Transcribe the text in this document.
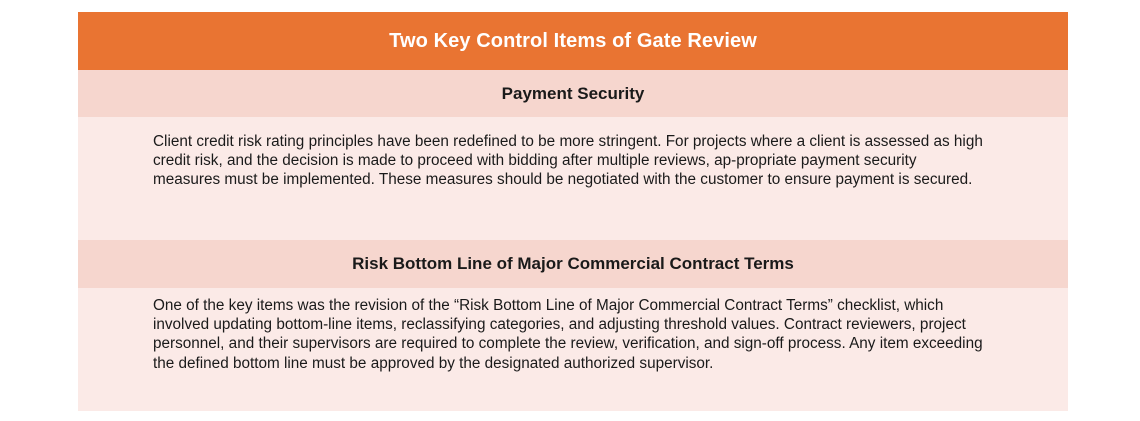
Two Key Control Items of Gate Review
Payment Security

Client credit risk rating principles have been redefined to be more stringent. For projects where a client is assessed as high credit risk, and the decision is made to proceed with bidding after multiple reviews, ap-propriate payment security measures must be implemented. These measures should be negotiated with the customer to ensure payment is secured.

Risk Bottom Line of Major Commercial Contract Terms

One of the key items was the revision of the “Risk Bottom Line of Major Commercial Contract Terms” checklist, which involved updating bottom-line items, reclassifying categories, and adjusting threshold values. Contract reviewers, project personnel, and their supervisors are required to complete the review, verification, and sign-off process. Any item exceeding the defined bottom line must be approved by the designated authorized supervisor.
